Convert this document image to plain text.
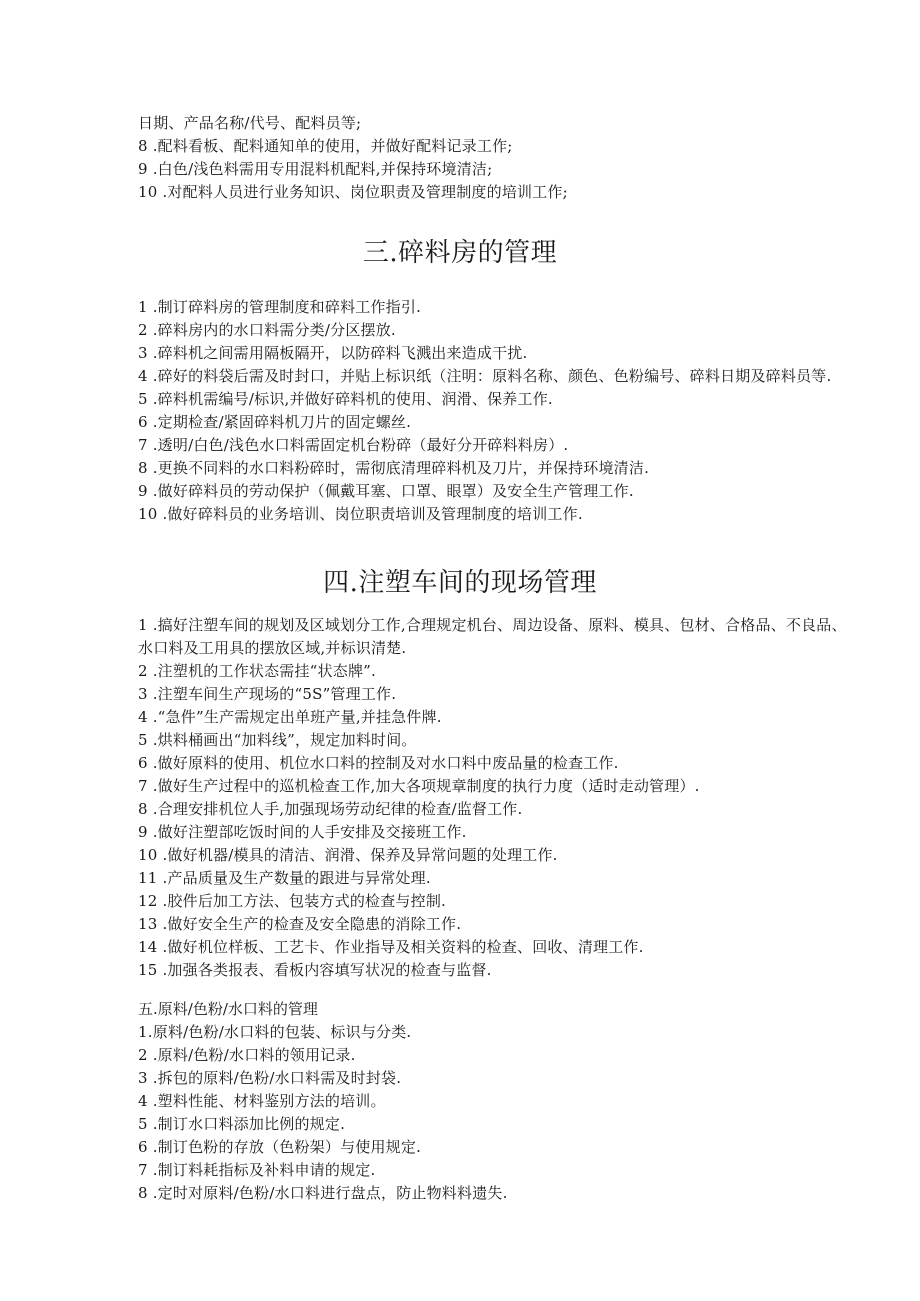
日期、产品名称/代号、配料员等;
8 .配料看板、配料通知单的使用，并做好配料记录工作;
9 .白色/浅色料需用专用混料机配料,并保持环境清洁;
10 .对配料人员进行业务知识、岗位职责及管理制度的培训工作;
三.碎料房的管理
1 .制订碎料房的管理制度和碎料工作指引.
2 .碎料房内的水口料需分类/分区摆放.
3 .碎料机之间需用隔板隔开，以防碎料飞溅出来造成干扰.
4 .碎好的料袋后需及时封口，并贴上标识纸（注明：原料名称、颜色、色粉编号、碎料日期及碎料员等.
5 .碎料机需编号/标识,并做好碎料机的使用、润滑、保养工作.
6 .定期检查/紧固碎料机刀片的固定螺丝.
7 .透明/白色/浅色水口料需固定机台粉碎（最好分开碎料料房）.
8 .更换不同料的水口料粉碎时，需彻底清理碎料机及刀片，并保持环境清洁.
9 .做好碎料员的劳动保护（佩戴耳塞、口罩、眼罩）及安全生产管理工作.
10 .做好碎料员的业务培训、岗位职责培训及管理制度的培训工作.
四.注塑车间的现场管理
1 .搞好注塑车间的规划及区域划分工作,合理规定机台、周边设备、原料、模具、包材、合格品、不良品、水口料及工用具的摆放区域,并标识清楚.
2 .注塑机的工作状态需挂“状态牌”.
3 .注塑车间生产现场的“5S”管理工作.
4 .“急件”生产需规定出单班产量,并挂急件牌.
5 .烘料桶画出“加料线”，规定加料时间。
6 .做好原料的使用、机位水口料的控制及对水口料中废品量的检查工作.
7 .做好生产过程中的巡机检查工作,加大各项规章制度的执行力度（适时走动管理）.
8 .合理安排机位人手,加强现场劳动纪律的检查/监督工作.
9 .做好注塑部吃饭时间的人手安排及交接班工作.
10 .做好机器/模具的清洁、润滑、保养及异常问题的处理工作.
11 .产品质量及生产数量的跟进与异常处理.
12 .胶件后加工方法、包装方式的检查与控制.
13 .做好安全生产的检查及安全隐患的消除工作.
14 .做好机位样板、工艺卡、作业指导及相关资料的检查、回收、清理工作.
15 .加强各类报表、看板内容填写状况的检查与监督.
五.原料/色粉/水口料的管理
1.原料/色粉/水口料的包装、标识与分类.
2 .原料/色粉/水口料的领用记录.
3 .拆包的原料/色粉/水口料需及时封袋.
4 .塑料性能、材料鉴别方法的培训。
5 .制订水口料添加比例的规定.
6 .制订色粉的存放（色粉架）与使用规定.
7 .制订料耗指标及补料申请的规定.
8 .定时对原料/色粉/水口料进行盘点，防止物料料遗失.
